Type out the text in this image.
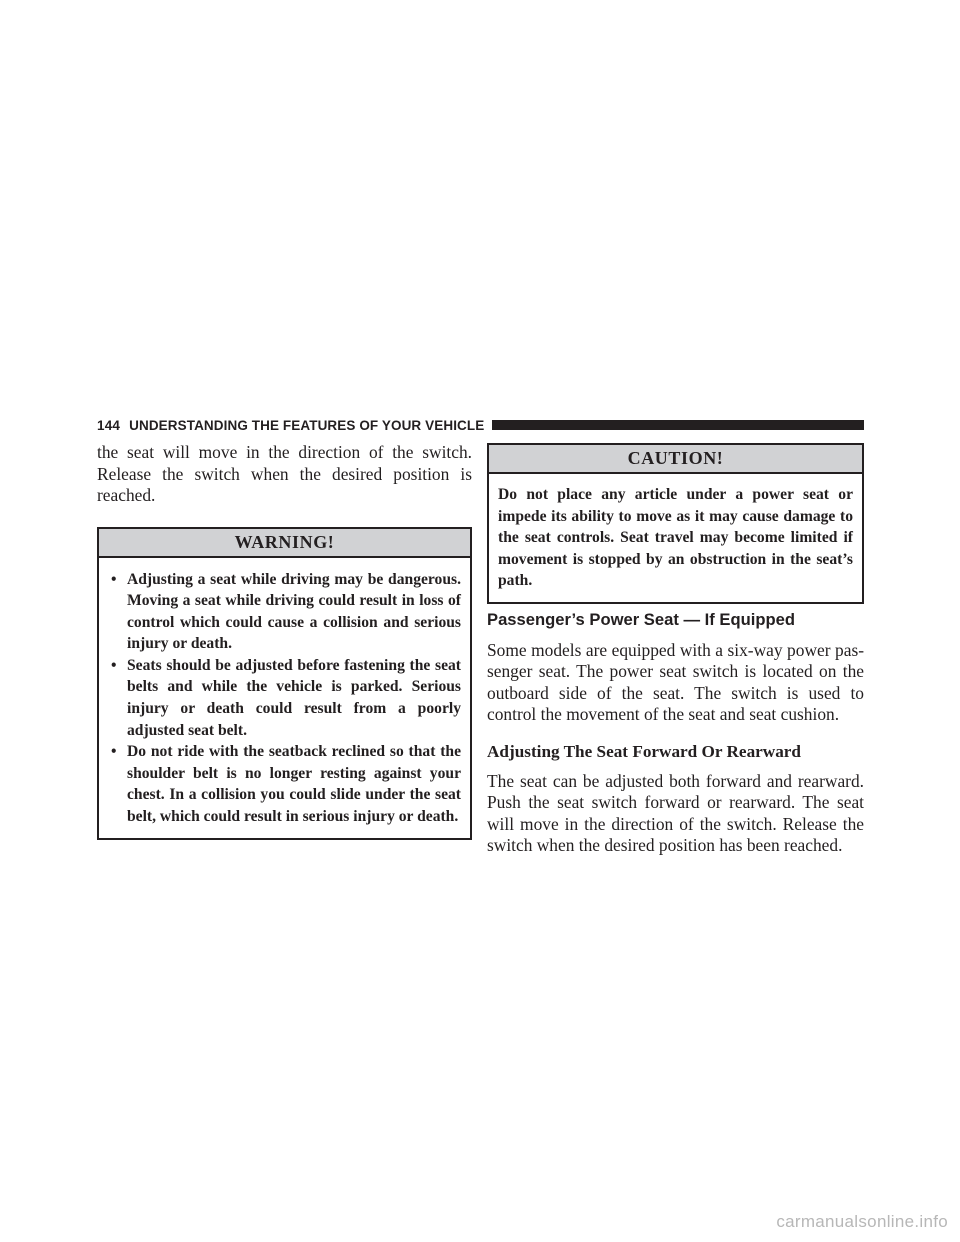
144 UNDERSTANDING THE FEATURES OF YOUR VEHICLE

the seat will move in the direction of the switch. Release the switch when the desired position is reached.

WARNING!
• Adjusting a seat while driving may be dangerous. Moving a seat while driving could result in loss of control which could cause a collision and serious injury or death.
• Seats should be adjusted before fastening the seat belts and while the vehicle is parked. Serious injury or death could result from a poorly adjusted seat belt.
• Do not ride with the seatback reclined so that the shoulder belt is no longer resting against your chest. In a collision you could slide under the seat belt, which could result in serious injury or death.
CAUTION!

Do not place any article under a power seat or impede its ability to move as it may cause damage to the seat controls. Seat travel may become limited if movement is stopped by an obstruction in the seat’s path.

Passenger’s Power Seat — If Equipped

Some models are equipped with a six-way power pas- senger seat. The power seat switch is located on the outboard side of the seat. The switch is used to control the movement of the seat and seat cushion.

Adjusting The Seat Forward Or Rearward

The seat can be adjusted both forward and rearward. Push the seat switch forward or rearward. The seat will move in the direction of the switch. Release the switch when the desired position has been reached.

carmanualsonline.info
